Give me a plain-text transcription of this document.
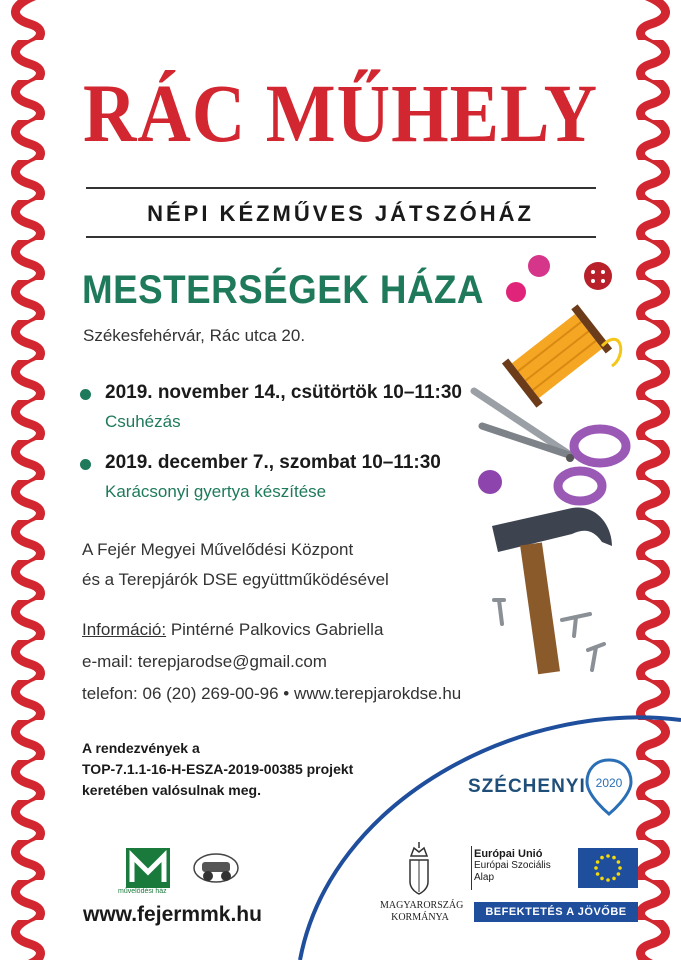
RÁC MŰHELY
NÉPI KÉZMŰVES JÁTSZÓHÁZ
MESTERSÉGEK HÁZA
Székesfehérvár, Rác utca 20.
2019. november 14., csütörtök 10–11:30
Csuhézás
2019. december 7., szombat 10–11:30
Karácsonyi gyertya készítése
A Fejér Megyei Művelődési Központ
és a Terepjárók DSE együttműködésével
Információ: Pintérné Palkovics Gabriella
e-mail: terepjarodse@gmail.com
telefon: 06 (20) 269-00-96 • www.terepjarokdse.hu
A rendezvények a
TOP-7.1.1-16-H-ESZA-2019-00385 projekt
keretében valósulnak meg.	SZÉCHENYI 2020
művelődési ház
www.fejermmk.hu	MAGYARORSZÁG
KORMÁNYA
Európai Unió
Európai Szociális
Alap
BEFEKTETÉS A JÖVŐBE
